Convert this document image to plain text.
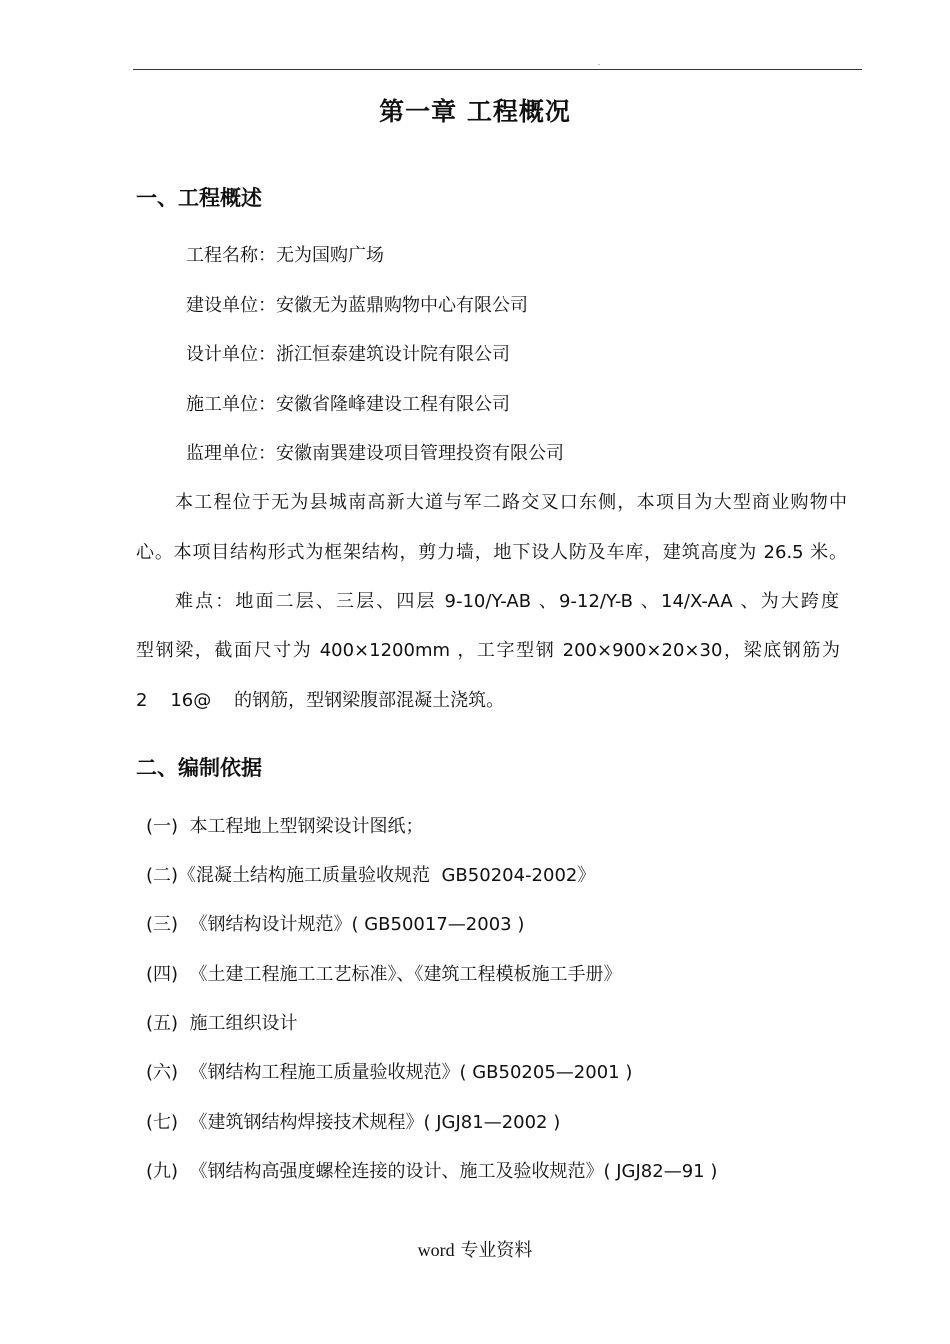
.
第一章 工程概况
一、工程概述
工程名称：无为国购广场
建设单位：安徽无为蓝鼎购物中心有限公司
设计单位：浙江恒泰建筑设计院有限公司
施工单位：安徽省隆峰建设工程有限公司
监理单位：安徽南巽建设项目管理投资有限公司
本工程位于无为县城南高新大道与军二路交叉口东侧，本项目为大型商业购物中
心。本项目结构形式为框架结构，剪力墙，地下设人防及车库，建筑高度为 26.5 米。
难点：地面二层、三层、四层 9-10/Y-AB 、9-12/Y-B 、14/X-AA 、为大跨度
型钢梁，截面尺寸为 400×1200mm ，工字型钢 200×900×20×30，梁底钢筋为
2    16@    的钢筋，型钢梁腹部混凝土浇筑。
二、编制依据
(一)  本工程地上型钢梁设计图纸；
(二)《混凝土结构施工质量验收规范  GB50204-2002》
(三)  《钢结构设计规范》( GB50017—2003 )
(四)  《土建工程施工工艺标准》、《建筑工程模板施工手册》
(五)  施工组织设计
(六)  《钢结构工程施工质量验收规范》( GB50205—2001 )
(七)  《建筑钢结构焊接技术规程》( JGJ81—2002 )
(九)  《钢结构高强度螺栓连接的设计、施工及验收规范》( JGJ82—91 )
word 专业资料
